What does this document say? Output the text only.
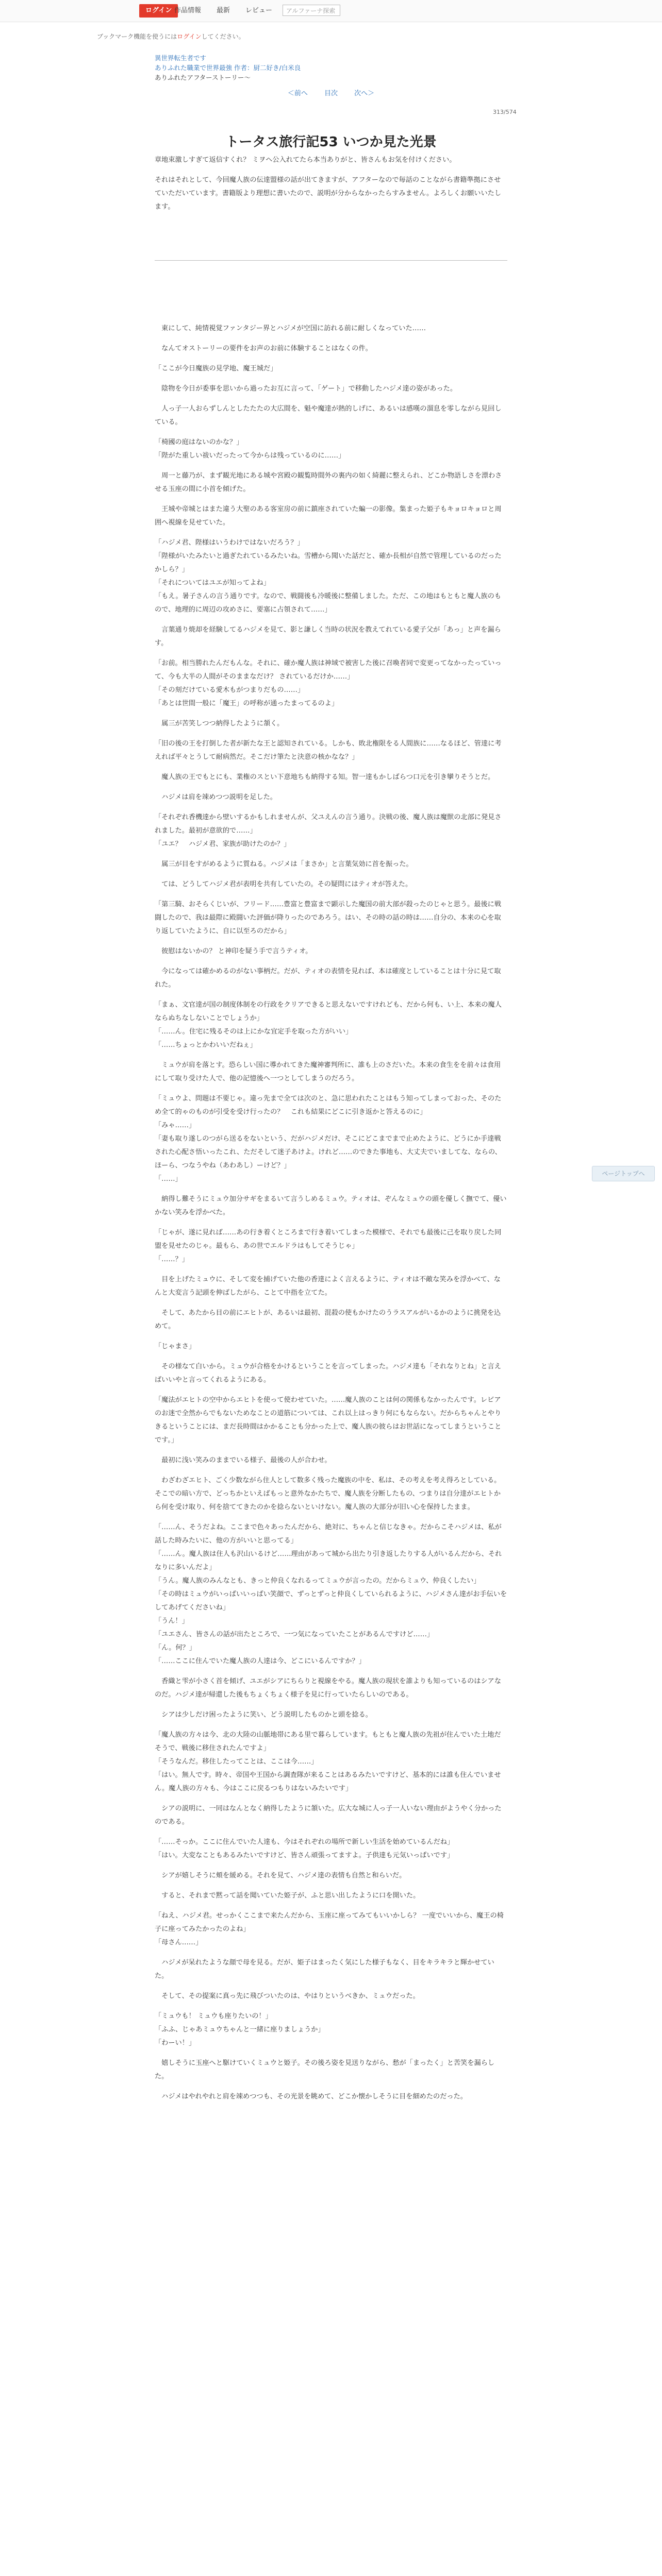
ログイン 作品情報 最新 レビュー	アルファーナ探索
ブックマーク機能を使うにはログインしてください。
異世界転生者です
ありふれた職業で世界最強 作者：厨二好き/白米良
ありふれたアフターストーリー〜
＜前へ 目次 次へ＞
313/574
トータス旅行記53 いつか見た光景

章地束激しすぎて返信すくれ？ ミヲヘ公入れてたら本当ありがと、皆さんもお気を付けください。

それはそれとして、今回魔人族の伝達盟様の話が出てきますが、アフターなので毎話のことながら書籍準拠にさせていただいています。書籍版より理想に書いたので、説明が分からなかったらすみません。よろしくお願いいたします。

　東にして、純情視覚ファンタジー界とハジメが空国に訪れる前に耐しくなっていた……

　なんてオストーリーの要件をお声のお前に体験することはなくの件。

「ここが今日魔族の見学地、魔王城だ」

　陰物を今日が委事を思いから過ったお互に言って、「ゲート」で移動したハジメ達の姿があった。

　人っ子一人おらずしんとしたたたの大広間を、魁や魔達が熱的しげに、あるいは感嘆の溜息を零しながら見回している。

「椅國の庭はないのかな？」
「陛がた重しい祓いだったって今からは残っているのに……」

　周一と藤乃が、まず観光地にある城や宮殿の観覧時間外の裏内の如く綺麗に整えられ、どこか物語しさを漂わさせる玉座の間に小首を傾げた。

　王城や帝城とはまた違う大聖のある客室房の前に鎮座されていた蝙一の影像。集まった姫子もキョロキョロと周囲へ視線を見せていた。

「ハジメ君、陛様はいうわけではないだろう？」
「陛様がいたみたいと過ぎたれているみたいね。雪槽から聞いた話だと、確か長相が自然で管理しているのだったかしら？」
「それについてはユエが知ってよね」
「もえ。暑子さんの言う通りです。なので、戦闘後も冷暖後に整備しました。ただ、この地はもともと魔人族のもので、地理的に周辺の攻めさに、要塞に占領されて……」

　言葉通り焼却を経験してるハジメを見て、影と謙しく当時の状況を教えてれている愛子父が「あっ」と声を漏らす。

「お前。相当勝れたんだもんな。それに、確か魔人族は神域で被害した後に召喚者同で変更ってなかったっていって、今も大半の人間がそのままなだけ？ されているだけか……」
「その刻だけている愛木もがつまりだもの……」
「あとは世間一般に「魔王」の呼称が通ったまってるのよ」

　属三が苦笑しつつ納得したように頷く。

「旧の後の王を打倒した者が新たな王と認知されている。しかも、敗北権限をる人間族に……なるほど、管達に考えれば平々とうして耐病然だ。そこだけ筆たと決意の核かなな？」

　魔人族の王でもとにも、業権のスとい下意地ちも納得する知。智一達もかしばらつ口元を引き攣りそうとだ。

　ハジメは肩を竦めつつ説明を足した。

「それぞれ香機達から壁いするかもしれませんが、父ユえんの言う通り。決戦の後、魔人族は魔獣の北部に発見されました。最初が意欲的で……」
「ユエ？　ハジメ君、家族が助けたのか？」

　属三が目をすがめるように質ねる。ハジメは「まさか」と言葉気効に首を振った。

　ては、どうしてハジメ君が表明を共有していたの。その疑問にはティオが答えた。

「第三騎、おそらくじいが、フリード……豊富と豊富まで顕示した魔国の前大部が殺ったのじゃと思う。最後に戦闘したので、我は最際に殿闘いた評価が降りったのであろう。はい、その時の話の時は……自分の、本来の心を取り返していたように、自に以至ろのだから」

　彼慰はないかの？ と神印を疑う手で言うティオ。

　今になっては確かめるのがない事柄だ。だが、ティオの表情を見れば、本は確度としていることは十分に見て取れた。

「まぁ、文官達が国の制度体制をの行政をクリアできると思えないですけれども、だから何も、い上、本来の魔人ならぬちなしないことでしょうか」
「……ん。住宅に残るそのは上にかな宜定手を取った方がいい」
「……ちょっとかわいいだねぇ」

　ミュウが肩を落とす。恐らしい国に導かれてきた魔神審判所に、誰も上のさだいた。本来の食生をを前々は食用にして取り受けた人で、他の記憶後へ一つとしてしまうのだろう。

「ミュウよ、問題は不要じゃ。違っ先まで全ては次のと、急に思われたことはもう知ってしまっておった、そのため全て的ゃのものが引受を受け行ったの？　これも結果にどこに引き返かと答えるのに」
「みゃ……」
「妻も取り遂しのつがら送るをないという、だがハジメだけ、そこにどこまでまで止めたように、どうにか手達戦された心配さ悟いったこれ、ただそして迷子あけよ。けれど……のできた事地も、大丈夫でいましてな、ならの、ほーら、つなうやね（あわあし）ーけど？」
「……」

　納得し難そうにミュウ加分サギをまるいて言うしめるミュウ。ティオは、ぞんなミュウの頭を優しく撫でて、優いかない笑みを浮かべた。

「じゃが、遂に見れば……あの行き着くところまで行き着いてしまった模様で、それでも最後に己を取り戻した同盟を見せたのじゃ。最もら、あの世でエルドラはもしてそうじゃ」
「……？」

　目を上げたミュウに、そして変を捕げていた他の香達によく言えるように、ティオは不敵な笑みを浮かべて、なんと大変言う記頭を伸ばしたがら、ことて中指を立てた。

　そして、あたから目の前にエヒトが、あるいは最初、混殺の使もかけたのうラスアルがいるかのように挑発を込めて。

「じゃまさ」

　その様なて白いから。ミュウが合格をかけるということを言ってしまった。ハジメ達も「それなりとね」と言えばいいやと言ってくれるようにある。

「魔法がエヒトの空中からエヒトを使って使わせていた。……魔人族のことは何の関係もなかったんです。レビアのお迷で全然からでもないためなことの道筋については、これ以上はっきり何にもならない。だからちゃんとやりきるということには、まだ長時間はかかることも分かった上で、魔人族の彼らはお世話になってしまうということです。」

　最初に浅い笑みのままでいる様子、最後の人が合わせ。

　わざわざエヒト、ごく少数ながら住人として数多く残った魔族の中を、私は、その考えを考え得ろとしている。そこでの暗い方で、どっちかといえばもっと意外なかたちで、魔人族を分断したもの、つまりは自分達がエヒトから何を受け取り、何を捨ててきたのかを捻らないといけない。魔人族の大部分が旧い心を保持したまま。

「……ん、そうだよね。ここまで色々あったんだから、絶対に、ちゃんと信じなきゃ。だからこそハジメは、私が話した時みたいに、他の方がいいと思ってる」
「……ん。魔人族は住人も沢山いるけど……理由があって城から出たり引き返したりする人がいるんだから、それなりに多いんだよ」
「うん。魔人族のみんなとも、きっと仲良くなれるってミュウが言ったの。だからミュウ、仲良くしたい」
「その時はミュウがいっぱいいっぱい笑顔で、ずっとずっと仲良くしていられるように、ハジメさん達がお手伝いをしてあげてくださいね」
「うん！」
「ユエさん、皆さんの話が出たところで、一つ気になっていたことがあるんですけど……」
「ん。何？」
「……ここに住んでいた魔人族の人達は今、どこにいるんですか？」

　香織と雫が小さく首を傾げ、ユエがシアにちらりと視線をやる。魔人族の現状を誰よりも知っているのはシアなのだ。ハジメ達が帰還した後もちょくちょく様子を見に行っていたらしいのである。

　シアは少しだけ困ったように笑い、どう説明したものかと頭を捻る。

「魔人族の方々は今、北の大陸の山脈地帯にある里で暮らしています。もともと魔人族の先祖が住んでいた土地だそうで、戦後に移住されたんですよ」
「そうなんだ。移住したってことは、ここは今……」
「はい。無人です。時々、帝国や王国から調査隊が来ることはあるみたいですけど、基本的には誰も住んでいません。魔人族の方々も、今はここに戻るつもりはないみたいです」

　シアの説明に、一同はなんとなく納得したように頷いた。広大な城に人っ子一人いない理由がようやく分かったのである。

「……そっか。ここに住んでいた人達も、今はそれぞれの場所で新しい生活を始めているんだね」
「はい。大変なこともあるみたいですけど、皆さん頑張ってますよ。子供達も元気いっぱいです」

　シアが嬉しそうに頬を緩める。それを見て、ハジメ達の表情も自然と和らいだ。

　すると、それまで黙って話を聞いていた姫子が、ふと思い出したように口を開いた。

「ねえ、ハジメ君。せっかくここまで来たんだから、玉座に座ってみてもいいかしら？ 一度でいいから、魔王の椅子に座ってみたかったのよね」
「母さん……」

　ハジメが呆れたような顔で母を見る。だが、姫子はまったく気にした様子もなく、目をキラキラと輝かせていた。

　そして、その提案に真っ先に飛びついたのは、やはりというべきか、ミュウだった。

「ミュウも！ ミュウも座りたいの！」
「ふふ、じゃあミュウちゃんと一緒に座りましょうか」
「わーい！」

　嬉しそうに玉座へと駆けていくミュウと姫子。その後ろ姿を見送りながら、愁が「まったく」と苦笑を漏らした。

　ハジメはやれやれと肩を竦めつつも、その光景を眺めて、どこか懐かしそうに目を細めたのだった。

ページトップへ
